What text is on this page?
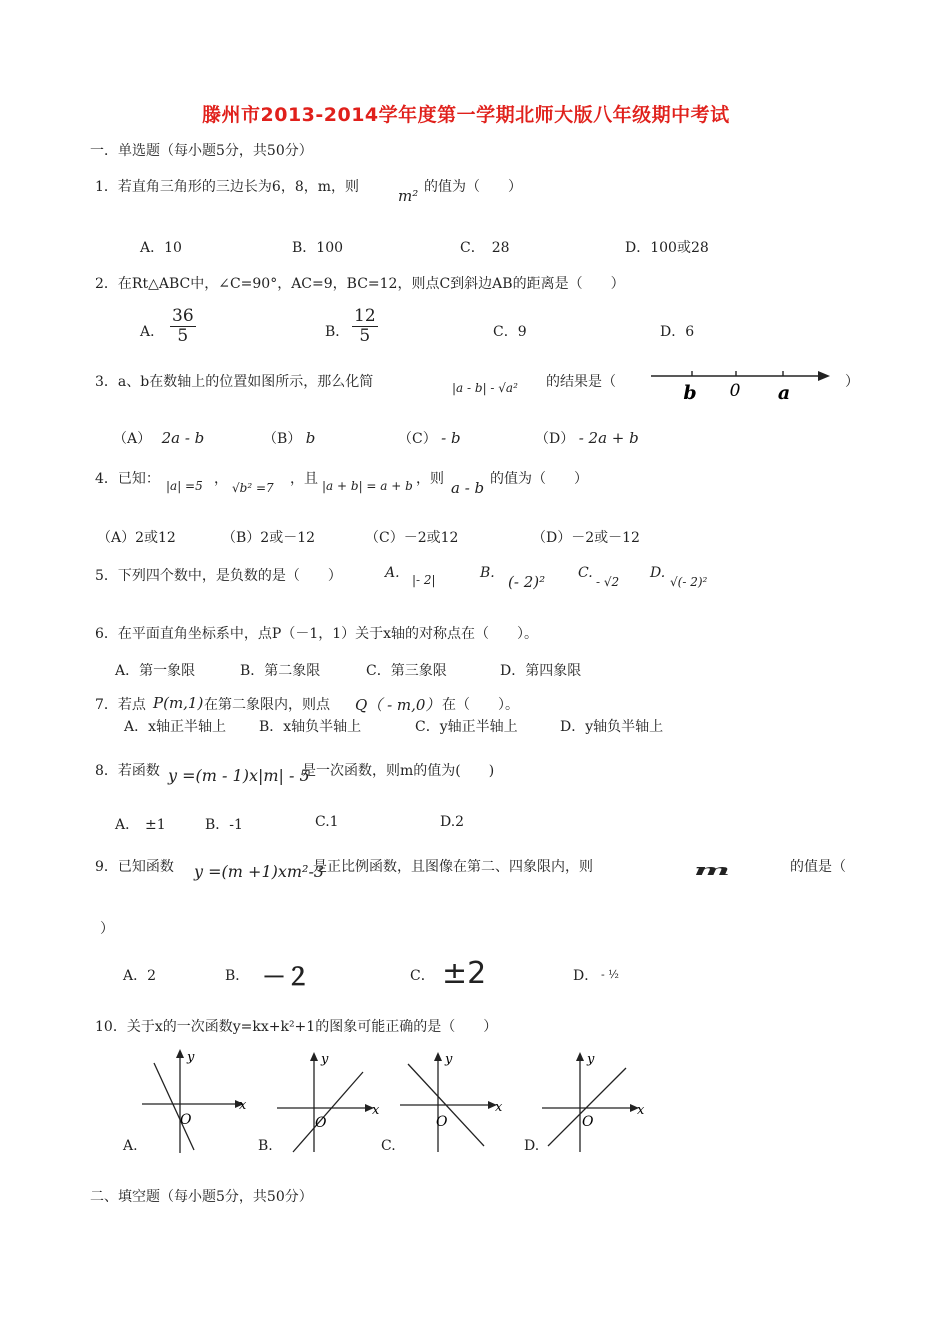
滕州市2013-2014学年度第一学期北师大版八年级期中考试
一．单选题（每小题5分，共50分）
1．若直角三角形的三边长为6，8，m，则	m² 的值为（　　）
A．10	B．100	C．　28	D．100或28
2．在Rt△ABC中，∠C=90°，AC=9，BC=12，则点C到斜边AB的距离是（　　）
A． $\frac{36}{5}$	B． $\frac{12}{5}$	C．9	D．6
3．a、b在数轴上的位置如图所示，那么化简	|a - b| - √a² 的结果是（	b 0 a	）
（A） 2a - b	（B） b	（C） - b	（D） - 2a + b
4．已知： |a| =5 ，
√b² =7
，且 |a + b| = a + b ，则 a - b 的值为（　　）
（A）2或12	（B）2或－12	（C）－2或12	（D）－2或－12
5．下列四个数中，是负数的是（　　）	A. |- 2|	B. (- 2)² C.
- √2
D.
√(- 2)²
6．在平面直角坐标系中，点P（－1，1）关于x轴的对称点在（　　）。
A．第一象限	B．第二象限	C．第三象限	D．第四象限
7．若点 P(m,1) 在第二象限内，则点 Q（ - m,0） 在（　　）。
A．x轴正半轴上 B．x轴负半轴上	C．y轴正半轴上	D．y轴负半轴上
8．若函数 y =(m - 1)x|m| - 5
是一次函数，则m的值为(　　)
A． ±1	B．-1	C.1	D.2
9．已知函数 y =(m +1)xm²-3
是正比例函数，且图像在第二、四象限内，则	m	的值是（
）
A．2	B． －２	C． ±2	D． - ½
10．关于x的一次函数y=kx+k²+1的图象可能正确的是（　　）
x
y
O
A.
x
y
O
B.
x
y
O
C.
x
y
O
D.
二、填空题（每小题5分，共50分）
